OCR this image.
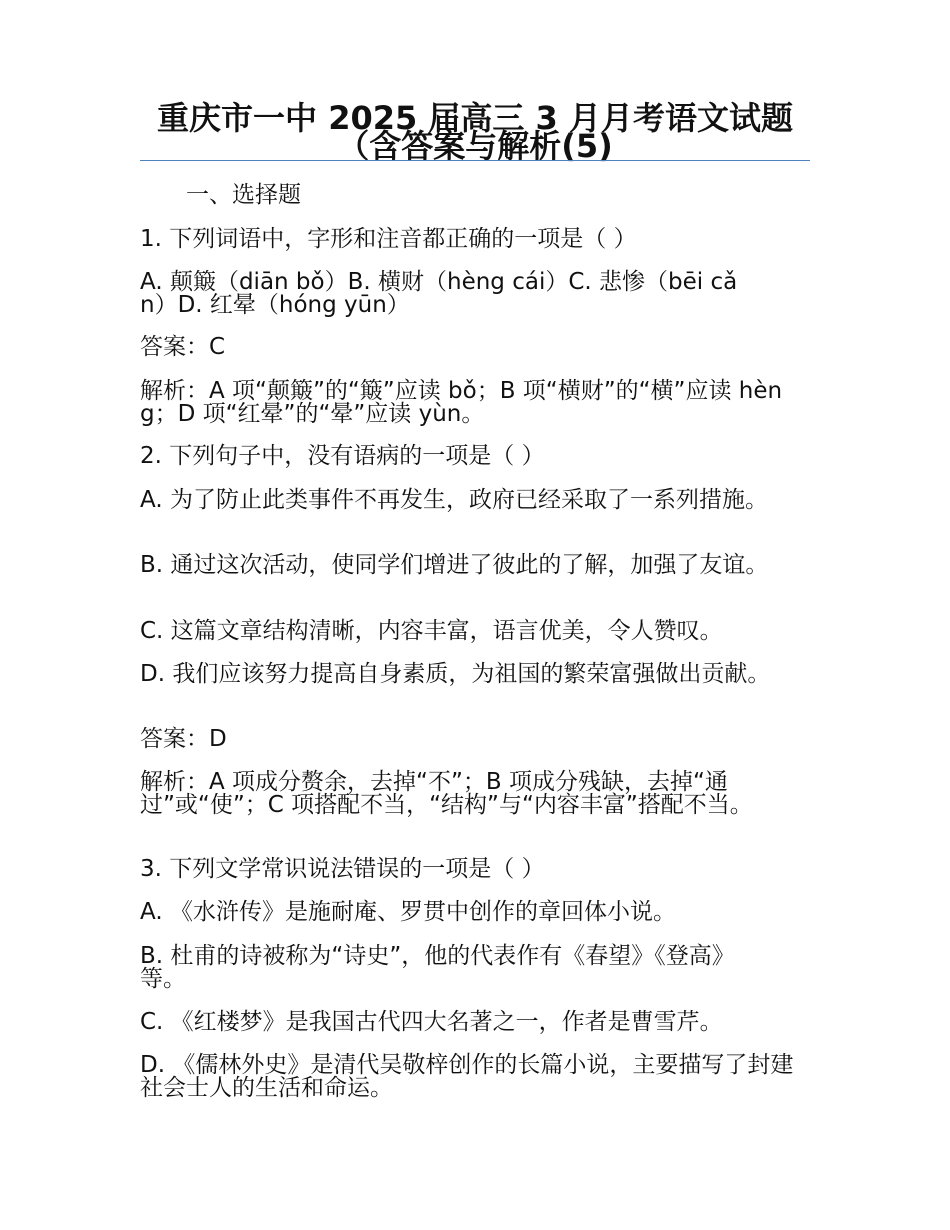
重庆市一中 2025 届高三 3 月月考语文试题（含答案与解析(5)

一、选择题

1. 下列词语中，字形和注音都正确的一项是（ ）

A. 颠簸（diān bǒ）B. 横财（hèng cái）C. 悲惨（bēi cǎn）D. 红晕（hóng yūn）

答案：C

解析：A 项“颠簸”的“簸”应读 bǒ；B 项“横财”的“横”应读 hèng；D 项“红晕”的“晕”应读 yùn。

2. 下列句子中，没有语病的一项是（ ）

A. 为了防止此类事件不再发生，政府已经采取了一系列措施。

B. 通过这次活动，使同学们增进了彼此的了解，加强了友谊。

C. 这篇文章结构清晰，内容丰富，语言优美，令人赞叹。

D. 我们应该努力提高自身素质，为祖国的繁荣富强做出贡献。

答案：D

解析：A 项成分赘余，去掉“不”；B 项成分残缺，去掉“通过”或“使”；C 项搭配不当，“结构”与“内容丰富”搭配不当。

3. 下列文学常识说法错误的一项是（ ）

A. 《水浒传》是施耐庵、罗贯中创作的章回体小说。

B. 杜甫的诗被称为“诗史”，他的代表作有《春望》《登高》等。

C. 《红楼梦》是我国古代四大名著之一，作者是曹雪芹。

D. 《儒林外史》是清代吴敬梓创作的长篇小说，主要描写了封建社会士人的生活和命运。
